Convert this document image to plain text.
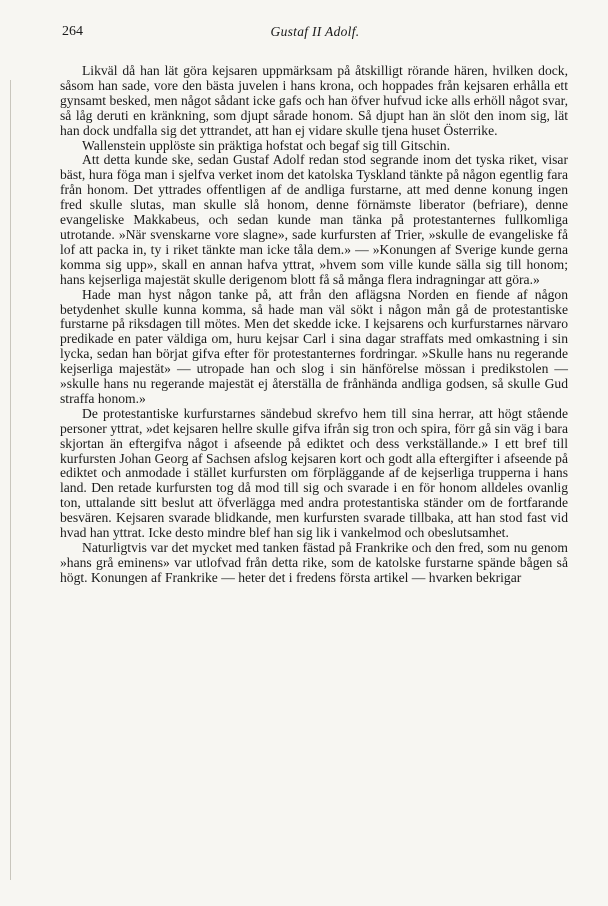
264	Gustaf II Adolf.

Likväl då han lät göra kejsaren uppmärksam på åtskilligt rörande hären, hvilken dock, såsom han sade, vore den bästa juvelen i hans krona, och hoppades från kejsaren erhålla ett gynsamt besked, men något sådant icke gafs och han öfver hufvud icke alls erhöll något svar, så låg deruti en kränkning, som djupt sårade honom. Så djupt han än slöt den inom sig, lät han dock undfalla sig det yttrandet, att han ej vidare skulle tjena huset Österrike.

Wallenstein upplöste sin präktiga hofstat och begaf sig till Gitschin.

Att detta kunde ske, sedan Gustaf Adolf redan stod segrande inom det tyska riket, visar bäst, hura föga man i sjelfva verket inom det katolska Tyskland tänkte på någon egentlig fara från honom. Det yttrades offentligen af de andliga furstarne, att med denne konung ingen fred skulle slutas, man skulle slå honom, denne förnämste liberator (befriare), denne evangeliske Makkabeus, och sedan kunde man tänka på protestanternes fullkomliga utrotande. »När svenskarne vore slagne», sade kurfursten af Trier, »skulle de evangeliske få lof att packa in, ty i riket tänkte man icke tåla dem.» — »Konungen af Sverige kunde gerna komma sig upp», skall en annan hafva yttrat, »hvem som ville kunde sälla sig till honom; hans kejserliga majestät skulle derigenom blott få så många flera indragningar att göra.»

Hade man hyst någon tanke på, att från den aflägsna Norden en fiende af någon betydenhet skulle kunna komma, så hade man väl sökt i någon mån gå de protestantiske furstarne på riksdagen till mötes. Men det skedde icke. I kejsarens och kurfurstarnes närvaro predikade en pater väldiga om, huru kejsar Carl i sina dagar straffats med omkastning i sin lycka, sedan han börjat gifva efter för protestanternes fordringar. »Skulle hans nu regerande kejserliga majestät» — utropade han och slog i sin hänförelse mössan i predikstolen — »skulle hans nu regerande majestät ej återställa de frånhända andliga godsen, så skulle Gud straffa honom.»

De protestantiske kurfurstarnes sändebud skrefvo hem till sina herrar, att högt stående personer yttrat, »det kejsaren hellre skulle gifva ifrån sig tron och spira, förr gå sin väg i bara skjortan än eftergifva något i afseende på ediktet och dess verkställande.» I ett bref till kurfursten Johan Georg af Sachsen afslog kejsaren kort och godt alla eftergifter i afseende på ediktet och anmodade i stället kurfursten om förpläggande af de kejserliga trupperna i hans land. Den retade kurfursten tog då mod till sig och svarade i en för honom alldeles ovanlig ton, uttalande sitt beslut att öfverlägga med andra protestantiska ständer om de fortfarande besvären. Kejsaren svarade blidkande, men kurfursten svarade tillbaka, att han stod fast vid hvad han yttrat. Icke desto mindre blef han sig lik i vankelmod och obeslutsamhet.

Naturligtvis var det mycket med tanken fästad på Frankrike och den fred, som nu genom »hans grå eminens» var utlofvad från detta rike, som de katolske furstarne spände bågen så högt. Konungen af Frankrike — heter det i fredens första artikel — hvarken bekrigar
